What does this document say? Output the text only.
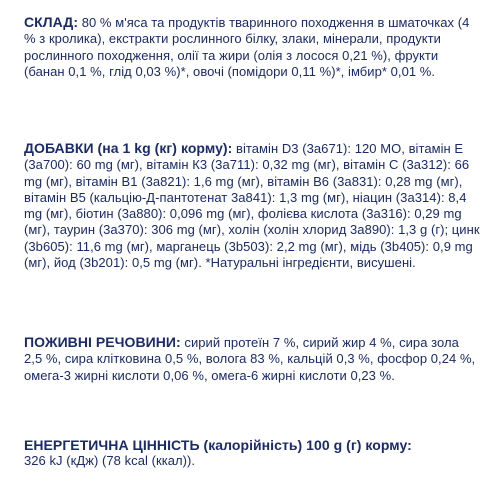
СКЛАД: 80 % м'яса та продуктів тваринного походження в шматочках (4 % з кролика), екстракти рослинного білку, злаки, мінерали, продукти рослинного походження, олії та жири (олія з лосося 0,21 %), фрукти (банан 0,1 %, глід 0,03 %)*, овочі (помідори 0,11 %)*, імбир* 0,01 %.
ДОБАВКИ (на 1 kg (кг) корму): вітамін D3 (3a671): 120 МО, вітамін Е (3a700): 60 mg (мг), вітамін К3 (3a711): 0,32 mg (мг), вітамін С (3a312): 66 mg (мг), вітамін B1 (3a821): 1,6 mg (мг), вітамін B6 (3a831): 0,28 mg (мг), вітамін B5 (кальцію-Д-пантотенат 3a841): 1,3 mg (мг), ніацин (3a314): 8,4 mg (мг), біотин (3a880): 0,096 mg (мг), фолієва кислота (3a316): 0,29 mg (мг), таурин (3a370): 306 mg (мг), холін (холін хлорид 3a890): 1,3 g (г); цинк (3b605): 11,6 mg (мг), марганець (3b503): 2,2 mg (мг), мідь (3b405): 0,9 mg (мг), йод (3b201): 0,5 mg (мг). *Натуральні інгредієнти, висушені.
ПОЖИВНІ РЕЧОВИНИ: сирий протеїн 7 %, сирий жир 4 %, сира зола 2,5 %, сира клітковина 0,5 %, волога 83 %, кальцій 0,3 %, фосфор 0,24 %, омега-3 жирні кислоти 0,06 %, омега-6 жирні кислоти 0,23 %.
ЕНЕРГЕТИЧНА ЦІННІСТЬ (калорійність) 100 g (г) корму:
326 kJ (кДж) (78 kcal (ккал)).
